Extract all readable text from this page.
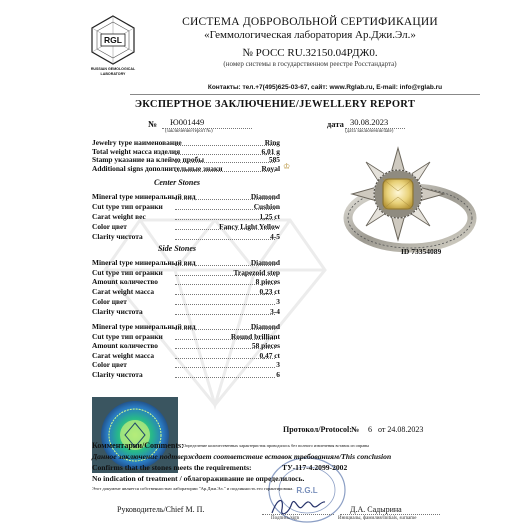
RGL
RUSSIAN GEMOLOGICAL
LABORATORY
СИСТЕМА ДОБРОВОЛЬНОЙ СЕРТИФИКАЦИИ
«Геммологическая лаборатория Ар.Джи.Эл.»
№ РОСС RU.З2150.04РДЖ0.
(номер системы в государственном реестре Росстандарта)
Контакты: тел.+7(495)625-03-67, сайт: www.Rglab.ru, E-mail: info@rglab.ru
ЭКСПЕРТНОЕ ЗАКЛЮЧЕНИЕ/JEWELLERY REPORT
№ Ю001449
(заключение/report №)
дата 30.08.2023
(дата заключения/date)
Jewelry type наименование	Ring
Total weight масса изделия	6,01 g
Stamp указание на клеймо пробы	585
Additional signs дополнительные знаки	Royal ♔
Center Stones
Mineral type минеральный вид	Diamond
Cut type тип огранки	Cushion
Carat weight вес	1,25 ct
Color цвет	Fancy Light Yellow
Clarity чистота	4-5
Side Stones
Mineral type минеральный вид	Diamond
Cut type тип огранки	Trapezoid step
Amount количество	8 pieces
Carat weight масса	0,23 ct
Color цвет	3
Clarity чистота	3-4
Mineral type минеральный вид	Diamond
Cut type тип огранки	Round brilliant
Amount количество	58 pieces
Carat weight масса	0,47 ct
Color цвет	3
Clarity чистота	6
ID 73354089
R.G.L
Протокол/Protocol: № 6 от 24.08.2023
Комментарии/Comments: Определение количественных характеристик проводилось без полного извлечения вставок из оправы
Данное заключение подтверждает соответствие вставок требованиям/This conclusion
Confirms that the stones meets the requirements:	ТУ-117-4.2099-2002
No indication of treatment / облагораживание не определилось.
Этот документ является собственностью лаборатории "Ар.Джи.Эл." и подлинность его гарантирована.
Руководитель/Chief М. П.
Подпись/sign
Д.А. Садырина
Инициалы, фамилия/Initials, surname
